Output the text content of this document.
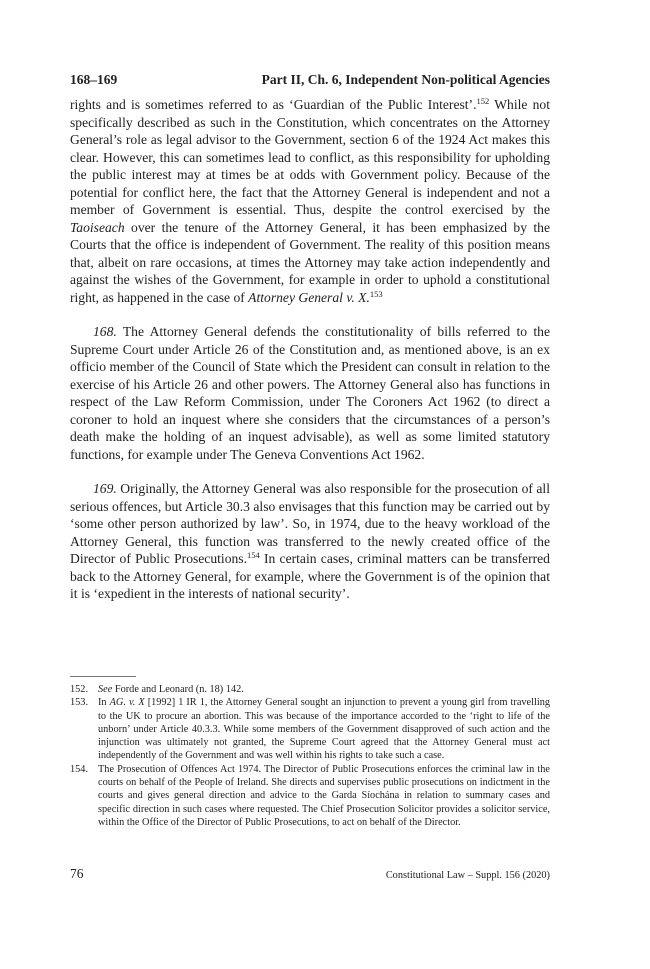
168–169	Part II, Ch. 6, Independent Non-political Agencies

rights and is sometimes referred to as ‘Guardian of the Public Interest’.$^{152}$ While not specifically described as such in the Constitution, which concentrates on the Attorney General’s role as legal advisor to the Government, section 6 of the 1924 Act makes this clear. However, this can sometimes lead to conflict, as this responsibility for upholding the public interest may at times be at odds with Government policy. Because of the potential for conflict here, the fact that the Attorney General is independent and not a member of Government is essential. Thus, despite the control exercised by the Taoiseach over the tenure of the Attorney General, it has been emphasized by the Courts that the office is independent of Government. The reality of this position means that, albeit on rare occasions, at times the Attorney may take action independently and against the wishes of the Government, for example in order to uphold a constitutional right, as happened in the case of Attorney General v. X.$^{153}$

168. The Attorney General defends the constitutionality of bills referred to the Supreme Court under Article 26 of the Constitution and, as mentioned above, is an ex officio member of the Council of State which the President can consult in relation to the exercise of his Article 26 and other powers. The Attorney General also has functions in respect of the Law Reform Commission, under The Coroners Act 1962 (to direct a coroner to hold an inquest where she considers that the circumstances of a person’s death make the holding of an inquest advisable), as well as some limited statutory functions, for example under The Geneva Conventions Act 1962.

169. Originally, the Attorney General was also responsible for the prosecution of all serious offences, but Article 30.3 also envisages that this function may be carried out by ‘some other person authorized by law’. So, in 1974, due to the heavy workload of the Attorney General, this function was transferred to the newly created office of the Director of Public Prosecutions.$^{154}$ In certain cases, criminal matters can be transferred back to the Attorney General, for example, where the Government is of the opinion that it is ‘expedient in the interests of national security’.

152. See Forde and Leonard (n. 18) 142.
153. In AG. v. X [1992] 1 IR 1, the Attorney General sought an injunction to prevent a young girl from travelling to the UK to procure an abortion. This was because of the importance accorded to the ‘right to life of the unborn’ under Article 40.3.3. While some members of the Government disapproved of such action and the injunction was ultimately not granted, the Supreme Court agreed that the Attorney General must act independently of the Government and was well within his rights to take such a case.
154. The Prosecution of Offences Act 1974. The Director of Public Prosecutions enforces the criminal law in the courts on behalf of the People of Ireland. She directs and supervises public prosecutions on indictment in the courts and gives general direction and advice to the Garda Síochána in relation to summary cases and specific direction in such cases where requested. The Chief Prosecution Solicitor provides a solicitor service, within the Office of the Director of Public Prosecutions, to act on behalf of the Director.
76	Constitutional Law – Suppl. 156 (2020)
